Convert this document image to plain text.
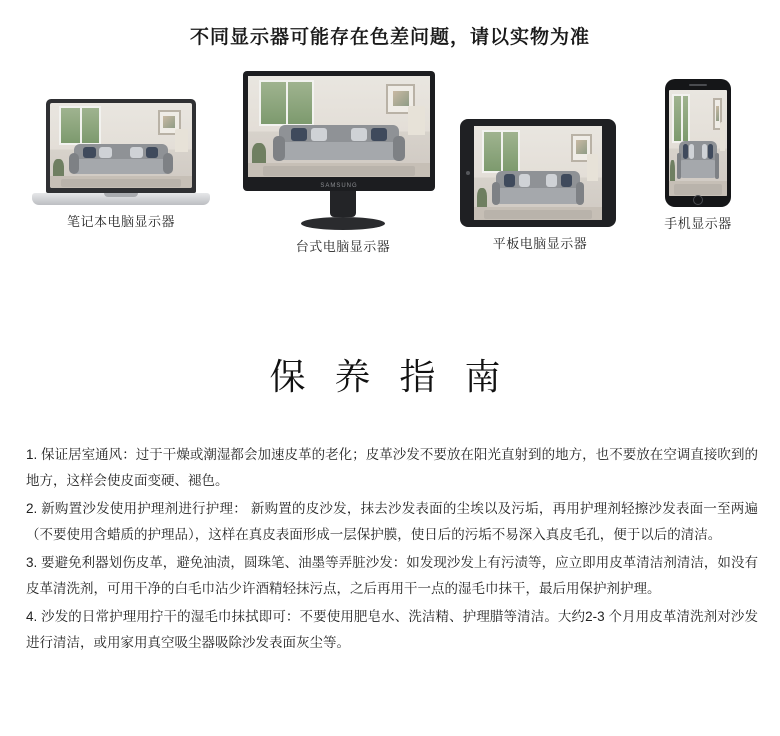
不同显示器可能存在色差问题，请以实物为准
笔记本电脑显示器
SAMSUNG
台式电脑显示器	平板电脑显示器
手机显示器
保 养 指 南

1. 保证居室通风：过于干燥或潮湿都会加速皮革的老化；皮革沙发不要放在阳光直射到的地方，也不要放在空调直接吹到的地方，这样会使皮面变硬、褪色。

2. 新购置沙发使用护理剂进行护理： 新购置的皮沙发，抹去沙发表面的尘埃以及污垢，再用护理剂轻擦沙发表面一至两遍（不要使用含蜡质的护理品），这样在真皮表面形成一层保护膜，使日后的污垢不易深入真皮毛孔，便于以后的清洁。

3. 要避免利器划伤皮革，避免油渍，圆珠笔、油墨等弄脏沙发：如发现沙发上有污渍等，应立即用皮革清洁剂清洁，如没有皮革清洗剂，可用干净的白毛巾沾少许酒精轻抹污点，之后再用干一点的湿毛巾抹干，最后用保护剂护理。

4. 沙发的日常护理用拧干的湿毛巾抹拭即可：不要使用肥皂水、洗洁精、护理腊等清洁。大约2-3 个月用皮革清洗剂对沙发进行清洁，或用家用真空吸尘器吸除沙发表面灰尘等。
